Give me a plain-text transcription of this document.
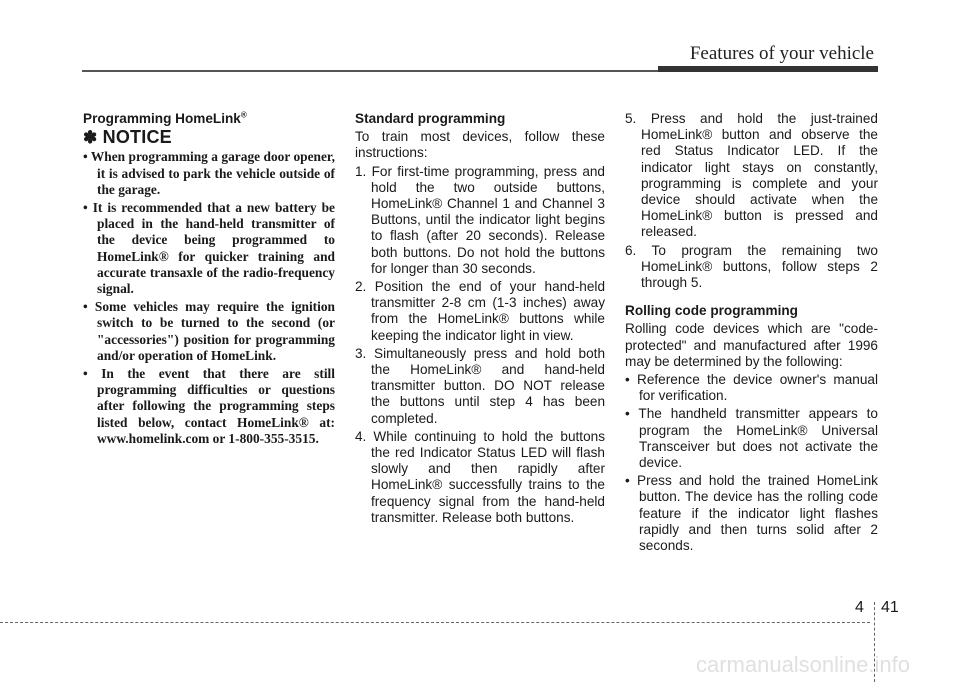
Features of your vehicle
Programming HomeLink®
✽ NOTICE
• When programming a garage door opener, it is advised to park the vehicle outside of the garage.
• It is recommended that a new battery be placed in the hand-held transmitter of the device being programmed to HomeLink® for quicker training and accurate transaxle of the radio-frequency signal.
• Some vehicles may require the ignition switch to be turned to the second (or "accessories") position for programming and/or operation of HomeLink.
• In the event that there are still programming difficulties or questions after following the programming steps listed below, contact HomeLink® at: www.homelink.com or 1-800-355-3515.
Standard programming
To train most devices, follow these instructions:
1. For first-time programming, press and hold the two outside buttons, HomeLink® Channel 1 and Channel 3 Buttons, until the indicator light begins to flash (after 20 seconds). Release both buttons. Do not hold the buttons for longer than 30 seconds.
2. Position the end of your hand-held transmitter 2-8 cm (1-3 inches) away from the HomeLink® buttons while keeping the indicator light in view.
3. Simultaneously press and hold both the HomeLink® and hand-held transmitter button. DO NOT release the buttons until step 4 has been completed.
4. While continuing to hold the buttons the red Indicator Status LED will flash slowly and then rapidly after HomeLink® successfully trains to the frequency signal from the hand-held transmitter. Release both buttons.
5. Press and hold the just-trained HomeLink® button and observe the red Status Indicator LED. If the indicator light stays on constantly, programming is complete and your device should activate when the HomeLink® button is pressed and released.
6. To program the remaining two HomeLink® buttons, follow steps 2 through 5.
Rolling code programming
Rolling code devices which are "code-protected" and manufactured after 1996 may be determined by the following:
• Reference the device owner's manual for verification.
• The handheld transmitter appears to program the HomeLink® Universal Transceiver but does not activate the device.
• Press and hold the trained HomeLink button. The device has the rolling code feature if the indicator light flashes rapidly and then turns solid after 2 seconds.
4 41
carmanualsonline.info
